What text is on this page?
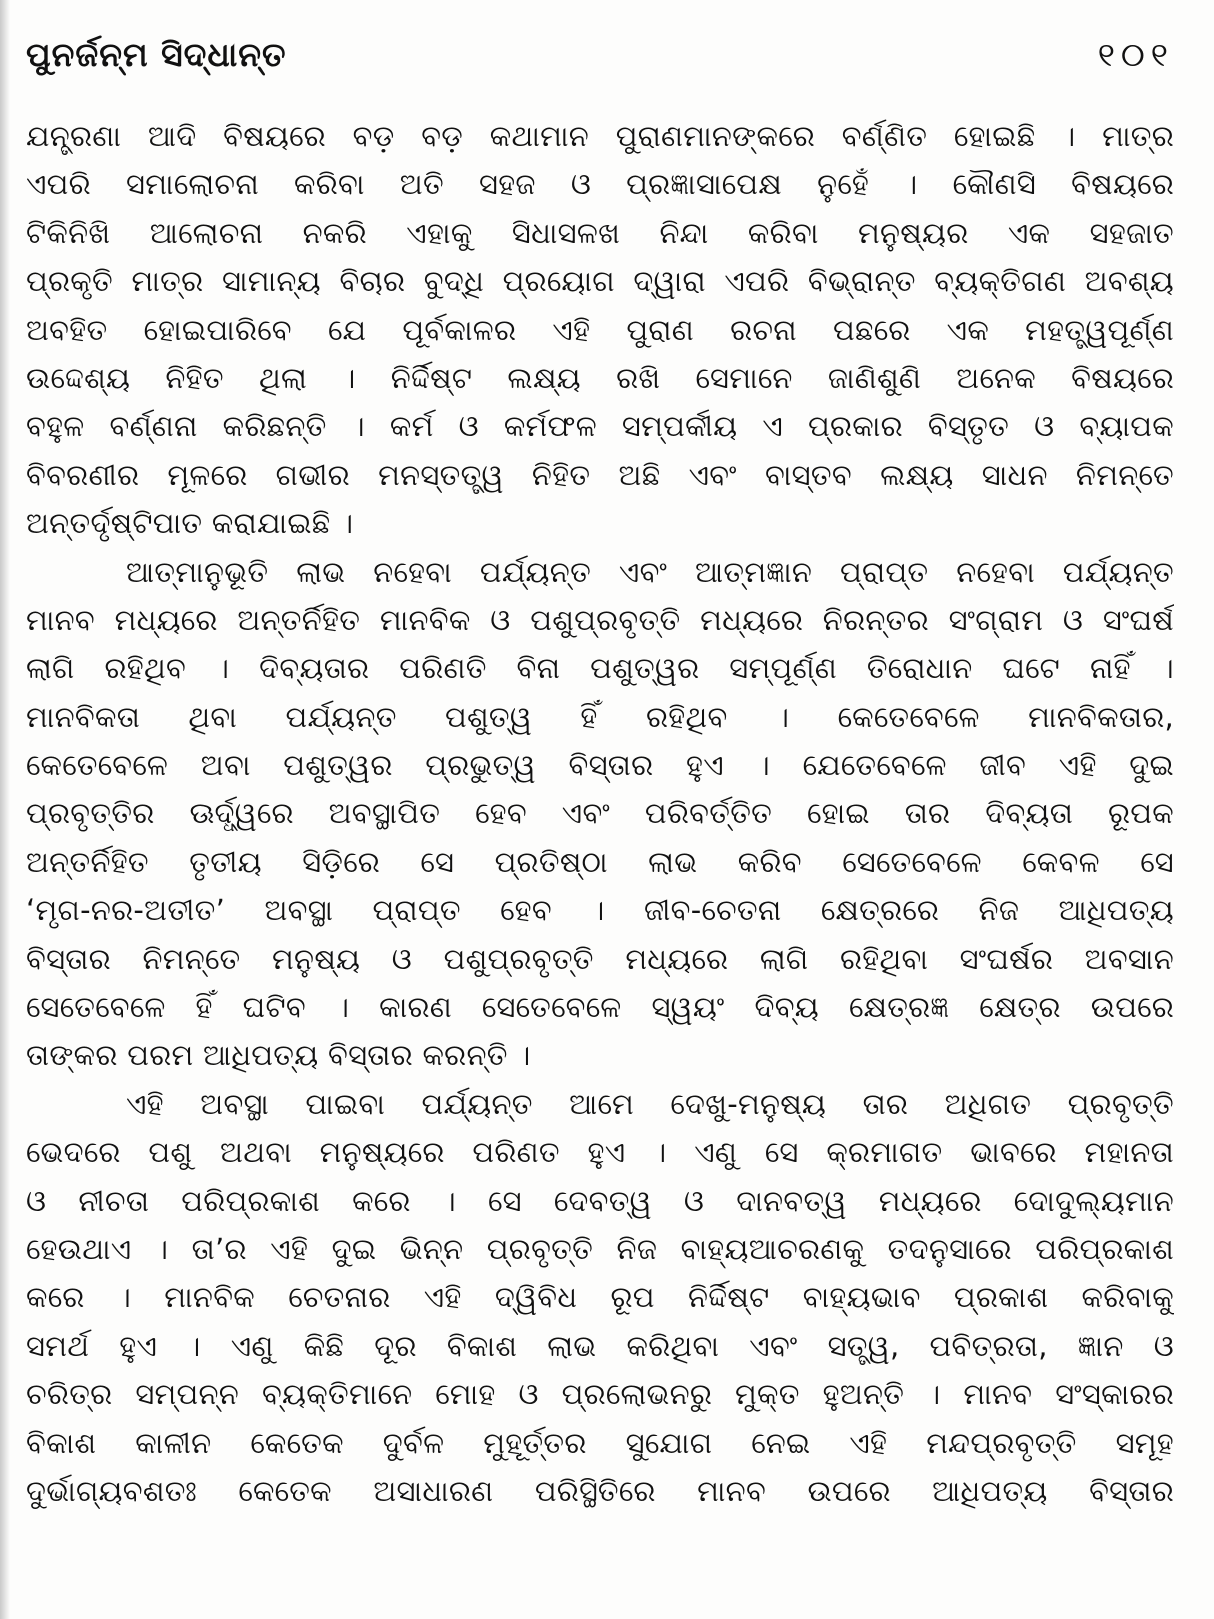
ପୁନର୍ଜନ୍ମ ସିଦ୍ଧାନ୍ତ	୧୦୧
ଯନ୍ତ୍ରଣା ଆଦି ବିଷୟରେ ବଡ଼ ବଡ଼ କଥାମାନ ପୁରାଣମାନଙ୍କରେ ବର୍ଣ୍ଣିତ ହୋଇଛି । ମାତ୍ର
ଏପରି ସମାଲୋଚନା କରିବା ଅତି ସହଜ ଓ ପ୍ରଜ୍ଞାସାପେକ୍ଷ ନୁହେଁ । କୌଣସି ବିଷୟରେ
ଟିକିନିଖି ଆଲୋଚନା ନକରି ଏହାକୁ ସିଧାସଳଖ ନିନ୍ଦା କରିବା ମନୁଷ୍ୟର ଏକ ସହଜାତ
ପ୍ରକୃତି ମାତ୍ର ସାମାନ୍ୟ ବିଚାର ବୁଦ୍ଧି ପ୍ରୟୋଗ ଦ୍ୱାରା ଏପରି ବିଭ୍ରାନ୍ତ ବ୍ୟକ୍ତିଗଣ ଅବଶ୍ୟ
ଅବହିତ ହୋଇପାରିବେ ଯେ ପୂର୍ବକାଳର ଏହି ପୁରାଣ ରଚନା ପଛରେ ଏକ ମହତ୍ତ୍ୱପୂର୍ଣ୍ଣ
ଉଦ୍ଦେଶ୍ୟ ନିହିତ ଥିଲା । ନିର୍ଦ୍ଦିଷ୍ଟ ଲକ୍ଷ୍ୟ ରଖି ସେମାନେ ଜାଣିଶୁଣି ଅନେକ ବିଷୟରେ
ବହୁଳ ବର୍ଣ୍ଣନା କରିଛନ୍ତି । କର୍ମ ଓ କର୍ମଫଳ ସମ୍ପର୍କୀୟ ଏ ପ୍ରକାର ବିସ୍ତୃତ ଓ ବ୍ୟାପକ
ବିବରଣୀର ମୂଳରେ ଗଭୀର ମନସ୍ତତ୍ତ୍ୱ ନିହିତ ଅଛି ଏବଂ ବାସ୍ତବ ଲକ୍ଷ୍ୟ ସାଧନ ନିମନ୍ତେ
ଅନ୍ତର୍ଦୃଷ୍ଟିପାତ କରାଯାଇଛି ।
ଆତ୍ମାନୁଭୂତି ଲାଭ ନହେବା ପର୍ଯ୍ୟନ୍ତ ଏବଂ ଆତ୍ମଜ୍ଞାନ ପ୍ରାପ୍ତ ନହେବା ପର୍ଯ୍ୟନ୍ତ
ମାନବ ମଧ୍ୟରେ ଅନ୍ତର୍ନିହିତ ମାନବିକ ଓ ପଶୁପ୍ରବୃତ୍ତି ମଧ୍ୟରେ ନିରନ୍ତର ସଂଗ୍ରାମ ଓ ସଂଘର୍ଷ
ଲାଗି ରହିଥିବ । ଦିବ୍ୟତାର ପରିଣତି ବିନା ପଶୁତ୍ୱର ସମ୍ପୂର୍ଣ୍ଣ ତିରୋଧାନ ଘଟେ ନାହିଁ ।
ମାନବିକତା ଥିବା ପର୍ଯ୍ୟନ୍ତ ପଶୁତ୍ୱ ହିଁ ରହିଥିବ । କେତେବେଳେ ମାନବିକତାର,
କେତେବେଳେ ଅବା ପଶୁତ୍ୱର ପ୍ରଭୁତ୍ୱ ବିସ୍ତାର ହୁଏ । ଯେତେବେଳେ ଜୀବ ଏହି ଦୁଇ
ପ୍ରବୃତ୍ତିର ଊର୍ଦ୍ଧ୍ୱରେ ଅବସ୍ଥାପିତ ହେବ ଏବଂ ପରିବର୍ତ୍ତିତ ହୋଇ ତାର ଦିବ୍ୟତା ରୂପକ
ଅନ୍ତର୍ନିହିତ ତୃତୀୟ ସିଡ଼ିରେ ସେ ପ୍ରତିଷ୍ଠା ଲାଭ କରିବ ସେତେବେଳେ କେବଳ ସେ
‘ମୃଗ-ନର-ଅତୀତ’ ଅବସ୍ଥା ପ୍ରାପ୍ତ ହେବ । ଜୀବ-ଚେତନା କ୍ଷେତ୍ରରେ ନିଜ ଆଧିପତ୍ୟ
ବିସ୍ତାର ନିମନ୍ତେ ମନୁଷ୍ୟ ଓ ପଶୁପ୍ରବୃତ୍ତି ମଧ୍ୟରେ ଲାଗି ରହିଥିବା ସଂଘର୍ଷର ଅବସାନ
ସେତେବେଳେ ହିଁ ଘଟିବ । କାରଣ ସେତେବେଳେ ସ୍ୱୟଂ ଦିବ୍ୟ କ୍ଷେତ୍ରଜ୍ଞ କ୍ଷେତ୍ର ଉପରେ
ତାଙ୍କର ପରମ ଆଧିପତ୍ୟ ବିସ୍ତାର କରନ୍ତି ।
ଏହି ଅବସ୍ଥା ପାଇବା ପର୍ଯ୍ୟନ୍ତ ଆମେ ଦେଖୁ-ମନୁଷ୍ୟ ତାର ଅଧିଗତ ପ୍ରବୃତ୍ତି
ଭେଦରେ ପଶୁ ଅଥବା ମନୁଷ୍ୟରେ ପରିଣତ ହୁଏ । ଏଣୁ ସେ କ୍ରମାଗତ ଭାବରେ ମହାନତା
ଓ ନୀଚତା ପରିପ୍ରକାଶ କରେ । ସେ ଦେବତ୍ୱ ଓ ଦାନବତ୍ୱ ମଧ୍ୟରେ ଦୋଦୁଲ୍ୟମାନ
ହେଉଥାଏ । ତା’ର ଏହି ଦୁଇ ଭିନ୍ନ ପ୍ରବୃତ୍ତି ନିଜ ବାହ୍ୟଆଚରଣକୁ ତଦନୁସାରେ ପରିପ୍ରକାଶ
କରେ । ମାନବିକ ଚେତନାର ଏହି ଦ୍ୱିବିଧ ରୂପ ନିର୍ଦ୍ଦିଷ୍ଟ ବାହ୍ୟଭାବ ପ୍ରକାଶ କରିବାକୁ
ସମର୍ଥ ହୁଏ । ଏଣୁ କିଛି ଦୂର ବିକାଶ ଲାଭ କରିଥିବା ଏବଂ ସତ୍ତ୍ୱ, ପବିତ୍ରତା, ଜ୍ଞାନ ଓ
ଚରିତ୍ର ସମ୍ପନ୍ନ ବ୍ୟକ୍ତିମାନେ ମୋହ ଓ ପ୍ରଲୋଭନରୁ ମୁକ୍ତ ହୁଅନ୍ତି । ମାନବ ସଂସ୍କାରର
ବିକାଶ କାଳୀନ କେତେକ ଦୁର୍ବଳ ମୁହୂର୍ତ୍ତର ସୁଯୋଗ ନେଇ ଏହି ମନ୍ଦପ୍ରବୃତ୍ତି ସମୂହ
ଦୁର୍ଭାଗ୍ୟବଶତଃ କେତେକ ଅସାଧାରଣ ପରିସ୍ଥିତିରେ ମାନବ ଉପରେ ଆଧିପତ୍ୟ ବିସ୍ତାର
